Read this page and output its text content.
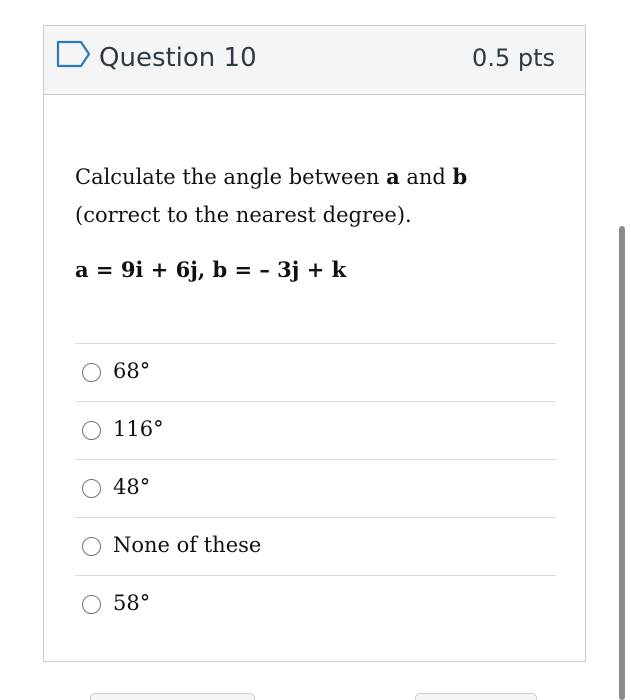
Question 10	0.5 pts

Calculate the angle between a and b (correct to the nearest degree).

a = 9i + 6j, b = – 3j + k
68°
116°
48°
None of these
58°
